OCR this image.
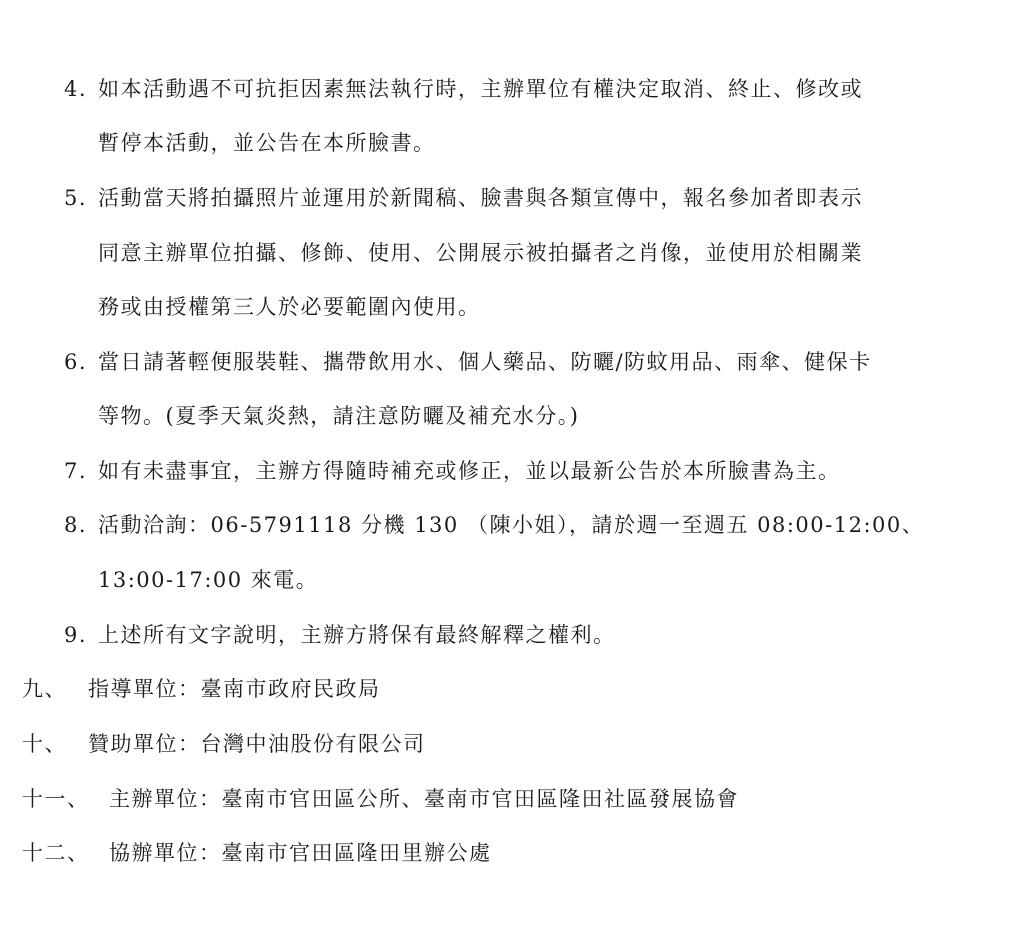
4. 如本活動遇不可抗拒因素無法執行時，主辦單位有權決定取消、終止、修改或
暫停本活動，並公告在本所臉書。
5. 活動當天將拍攝照片並運用於新聞稿、臉書與各類宣傳中，報名參加者即表示
同意主辦單位拍攝、修飾、使用、公開展示被拍攝者之肖像，並使用於相關業
務或由授權第三人於必要範圍內使用。
6. 當日請著輕便服裝鞋、攜帶飲用水、個人藥品、防曬/防蚊用品、雨傘、健保卡
等物。(夏季天氣炎熱，請注意防曬及補充水分。)
7. 如有未盡事宜，主辦方得隨時補充或修正，並以最新公告於本所臉書為主。
8. 活動洽詢：06-5791118 分機 130 （陳小姐），請於週一至週五 08:00-12:00、
13:00-17:00 來電。
9. 上述所有文字說明，主辦方將保有最終解釋之權利。
九、 指導單位：臺南市政府民政局
十、 贊助單位：台灣中油股份有限公司
十一、 主辦單位：臺南市官田區公所、臺南市官田區隆田社區發展協會
十二、 協辦單位：臺南市官田區隆田里辦公處
